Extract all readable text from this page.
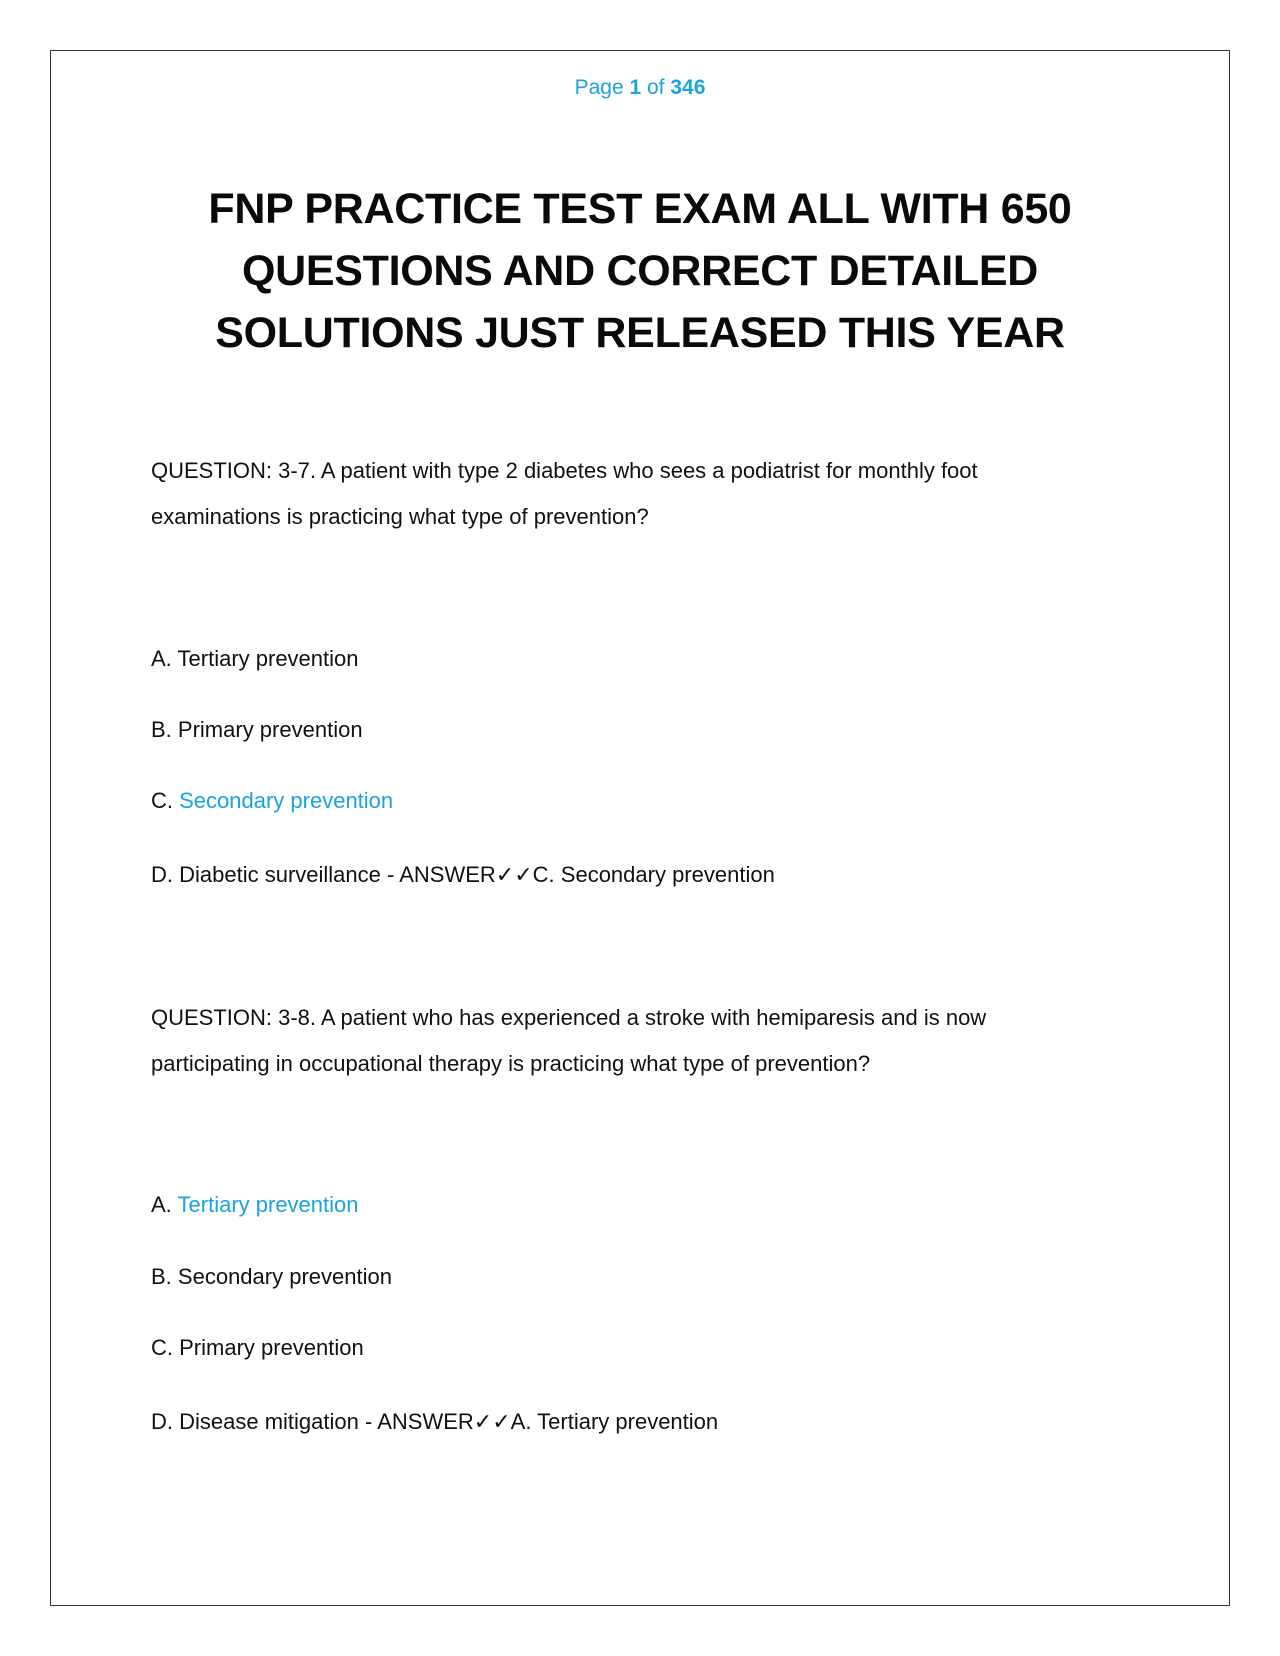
Page 1 of 346
FNP PRACTICE TEST EXAM ALL WITH 650
QUESTIONS AND CORRECT DETAILED
SOLUTIONS JUST RELEASED THIS YEAR
QUESTION: 3-7. A patient with type 2 diabetes who sees a podiatrist for monthly foot examinations is practicing what type of prevention?
A. Tertiary prevention
B. Primary prevention
C. Secondary prevention
D. Diabetic surveillance - ANSWER✓✓C. Secondary prevention
QUESTION: 3-8. A patient who has experienced a stroke with hemiparesis and is now participating in occupational therapy is practicing what type of prevention?
A. Tertiary prevention
B. Secondary prevention
C. Primary prevention
D. Disease mitigation - ANSWER✓✓A. Tertiary prevention
